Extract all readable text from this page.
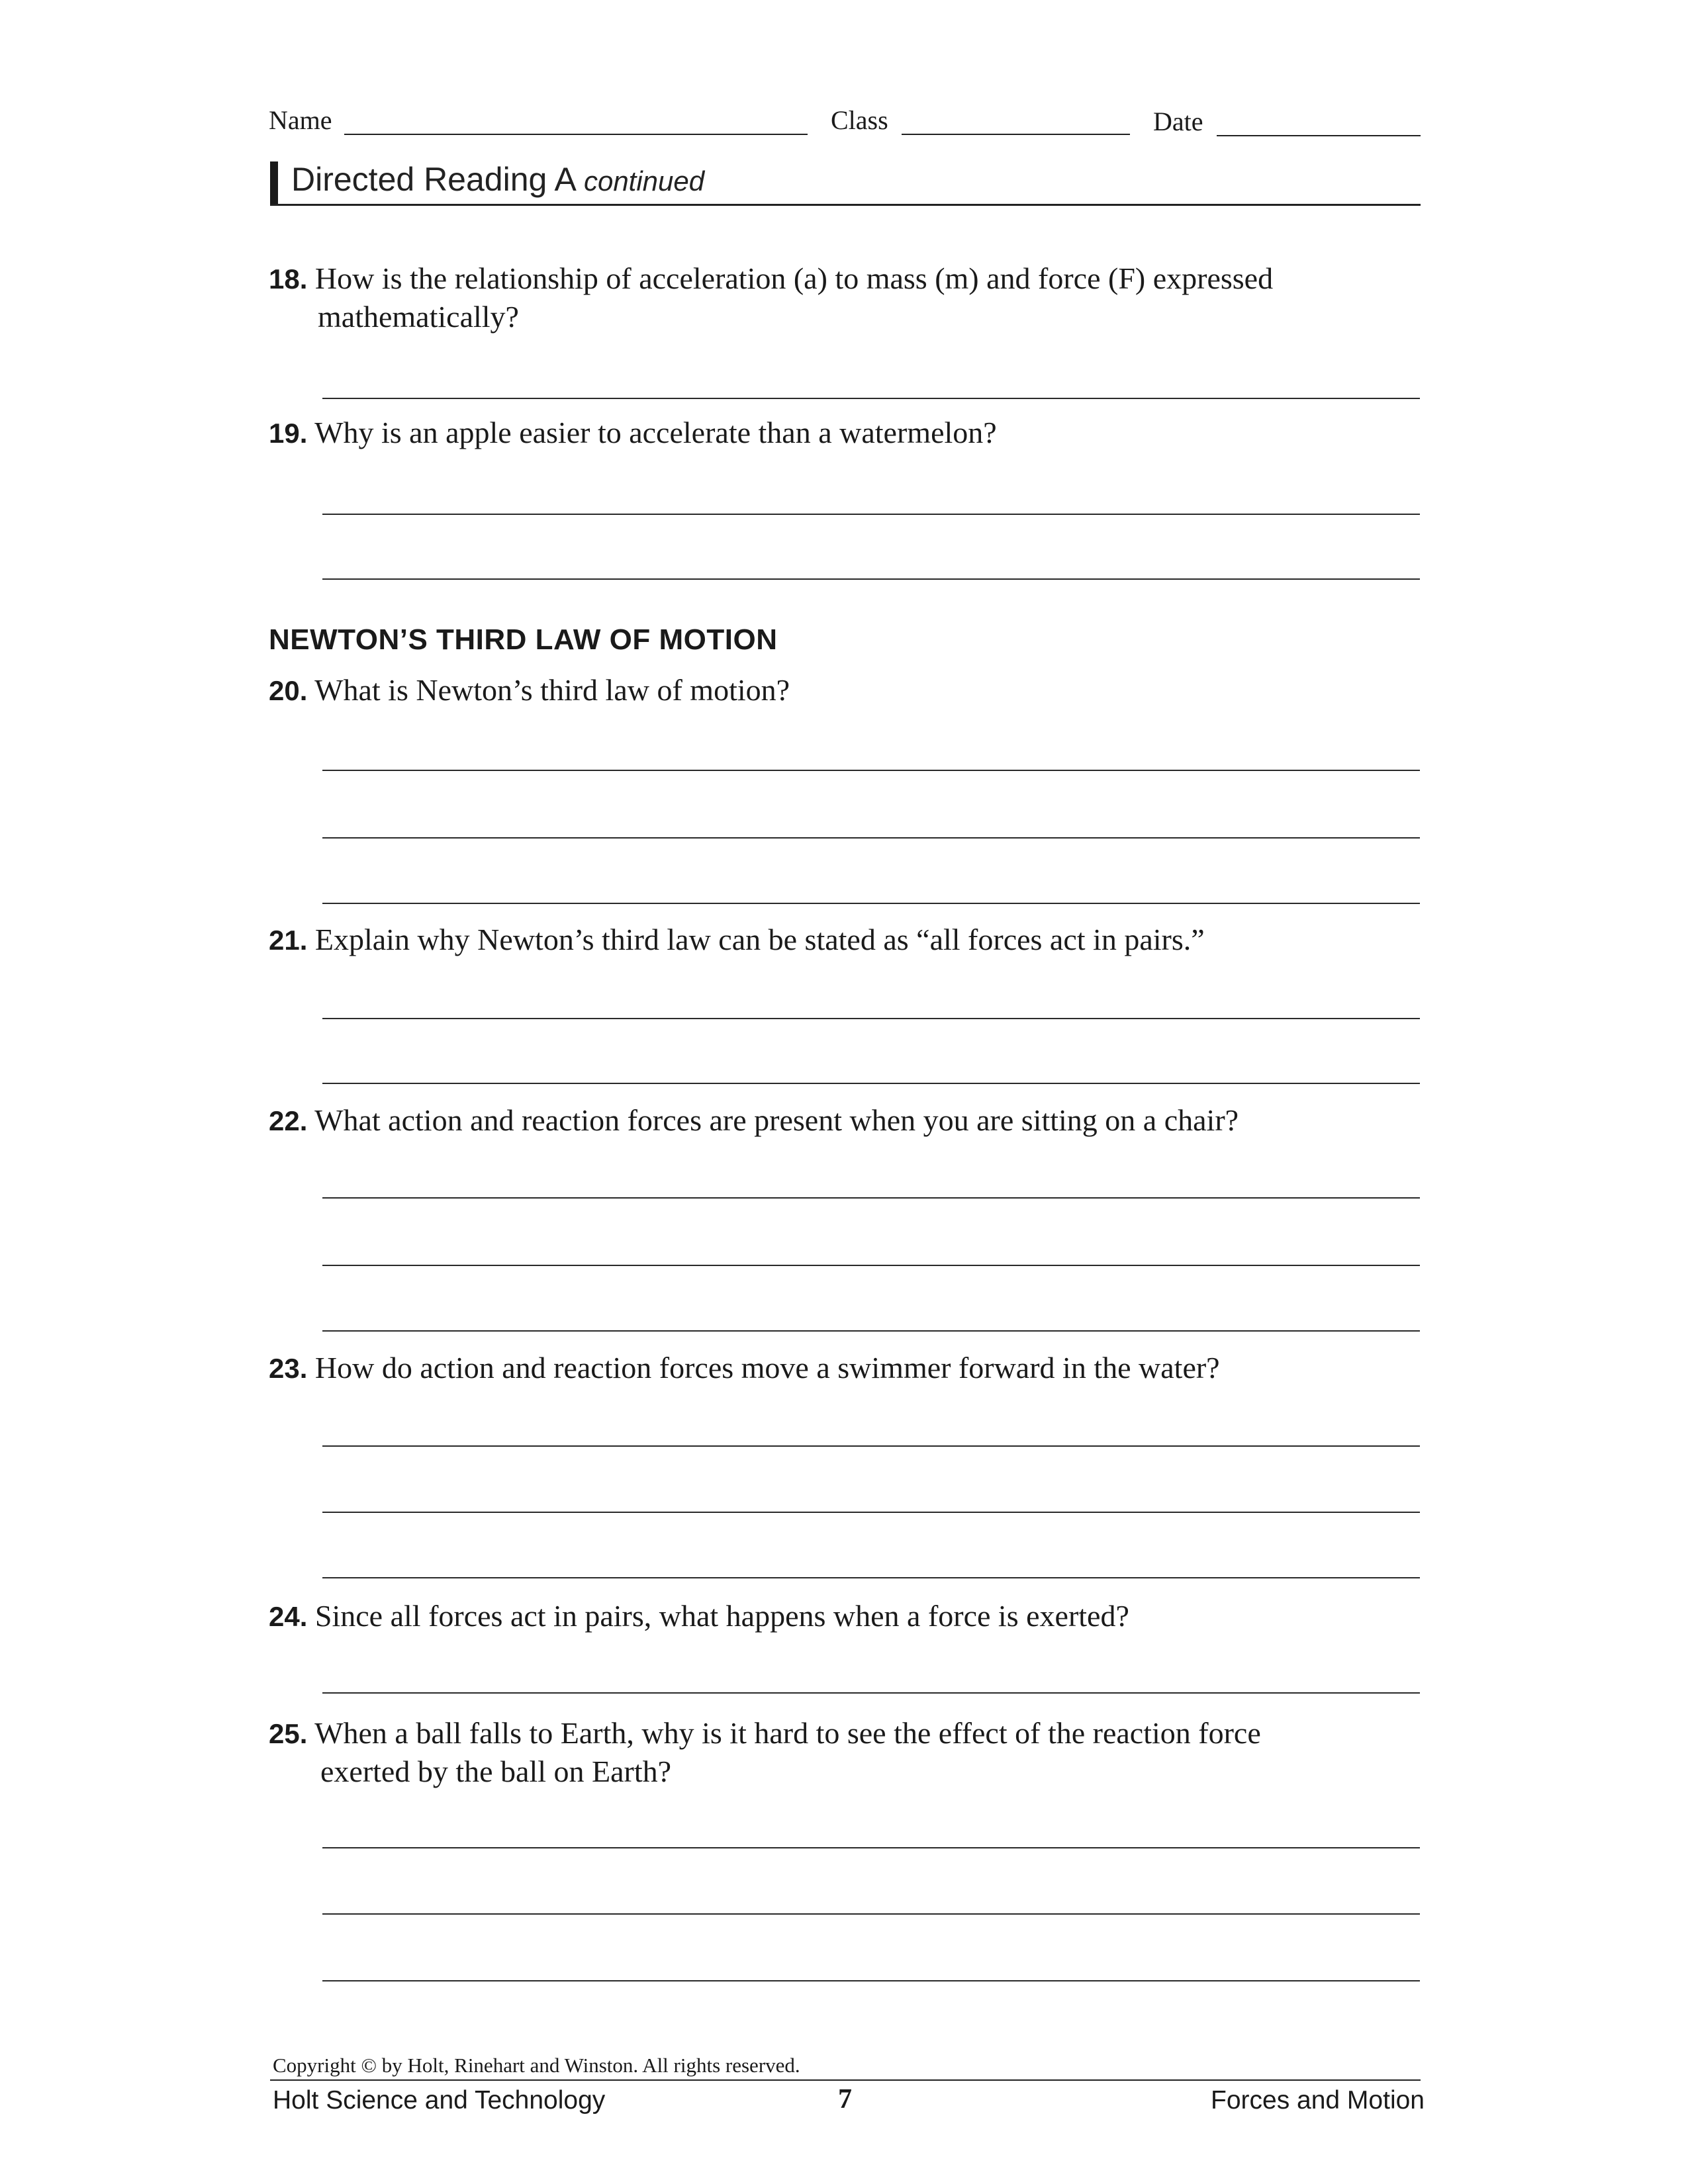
Name	Class	Date
Directed Reading A continued
18. How is the relationship of acceleration (a) to mass (m) and force (F) expressed
mathematically?
19. Why is an apple easier to accelerate than a watermelon?
NEWTON’S THIRD LAW OF MOTION
20. What is Newton’s third law of motion?
21. Explain why Newton’s third law can be stated as “all forces act in pairs.”
22. What action and reaction forces are present when you are sitting on a chair?
23. How do action and reaction forces move a swimmer forward in the water?
24. Since all forces act in pairs, what happens when a force is exerted?
25. When a ball falls to Earth, why is it hard to see the effect of the reaction force
exerted by the ball on Earth?
Copyright © by Holt, Rinehart and Winston. All rights reserved.
Holt Science and Technology	7	Forces and Motion
